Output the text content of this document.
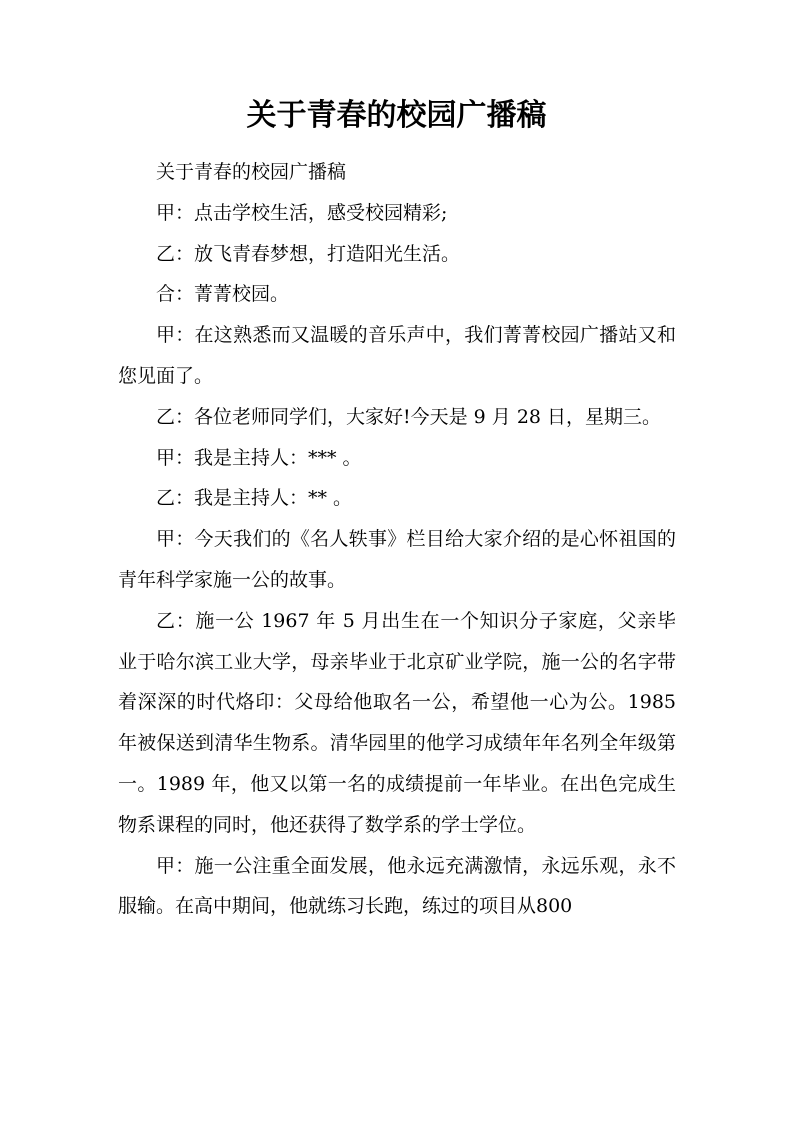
关于青春的校园广播稿

关于青春的校园广播稿

甲：点击学校生活，感受校园精彩;

乙：放飞青春梦想，打造阳光生活。

合：菁菁校园。

甲：在这熟悉而又温暖的音乐声中，我们菁菁校园广播站又和您见面了。

乙：各位老师同学们，大家好!今天是 9 月 28 日，星期三。

甲：我是主持人：*** 。

乙：我是主持人：** 。

甲：今天我们的《名人轶事》栏目给大家介绍的是心怀祖国的青年科学家施一公的故事。

乙：施一公 1967 年 5 月出生在一个知识分子家庭，父亲毕业于哈尔滨工业大学，母亲毕业于北京矿业学院，施一公的名字带着深深的时代烙印：父母给他取名一公，希望他一心为公。1985 年被保送到清华生物系。清华园里的他学习成绩年年名列全年级第一。1989 年，他又以第一名的成绩提前一年毕业。在出色完成生物系课程的同时，他还获得了数学系的学士学位。

甲：施一公注重全面发展，他永远充满激情，永远乐观，永不服输。在高中期间，他就练习长跑，练过的项目从800
